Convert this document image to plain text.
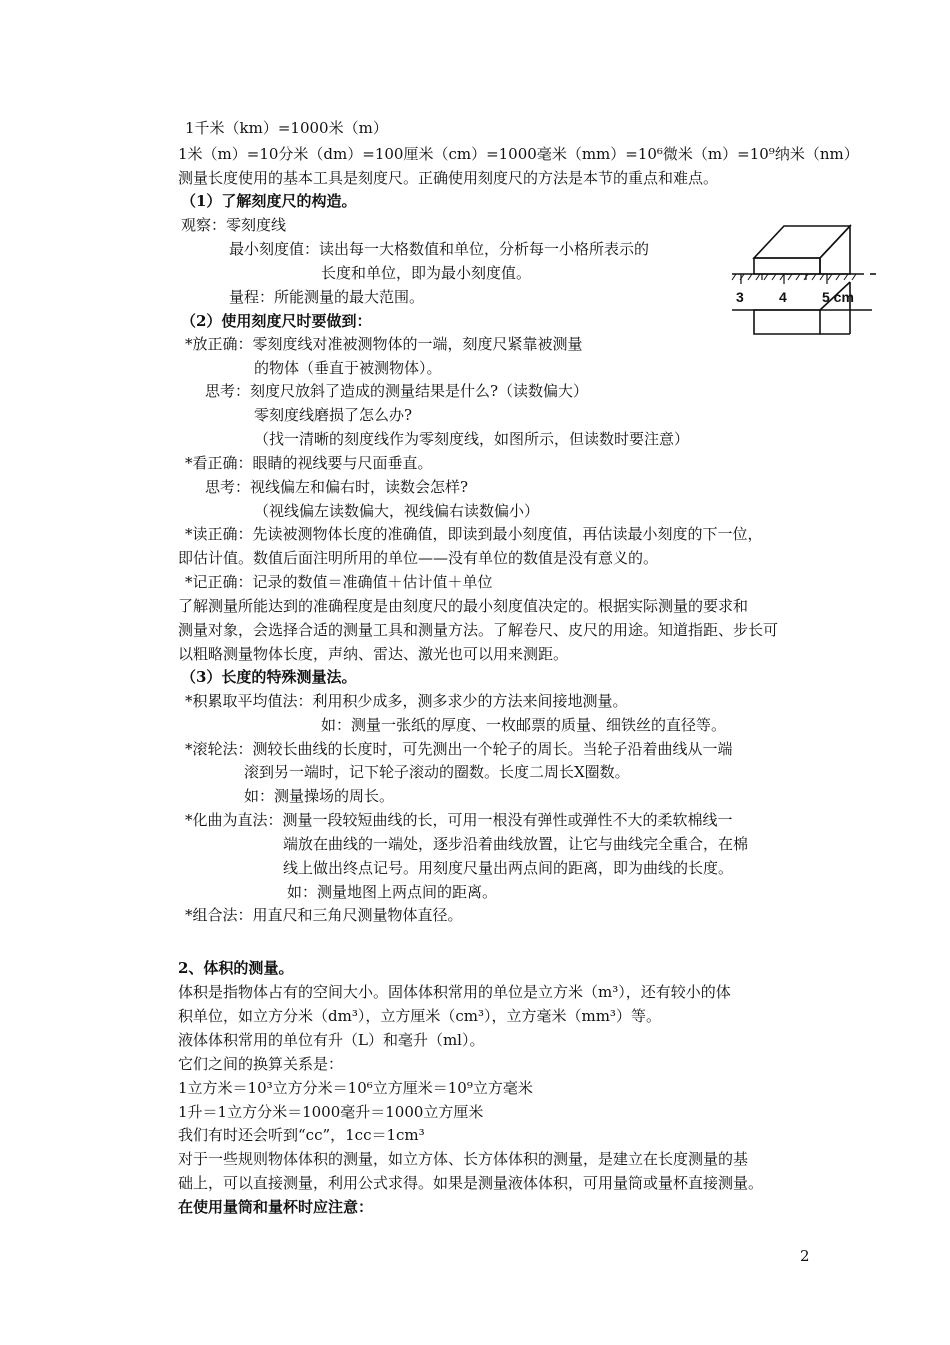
1千米（km）=1000米（m）
1米（m）=10分米（dm）=100厘米（cm）=1000毫米（mm）=10⁶微米（m）=10⁹纳米（nm）
测量长度使用的基本工具是刻度尺。正确使用刻度尺的方法是本节的重点和难点。
（1）了解刻度尺的构造。
观察：零刻度线
最小刻度值：读出每一大格数值和单位，分析每一小格所表示的
长度和单位，即为最小刻度值。
量程：所能测量的最大范围。
（2）使用刻度尺时要做到：
*放正确：零刻度线对准被测物体的一端，刻度尺紧靠被测量
的物体（垂直于被测物体）。
思考：刻度尺放斜了造成的测量结果是什么?（读数偏大）
零刻度线磨损了怎么办?
（找一清晰的刻度线作为零刻度线，如图所示，但读数时要注意）
*看正确：眼睛的视线要与尺面垂直。
思考：视线偏左和偏右时，读数会怎样?
（视线偏左读数偏大，视线偏右读数偏小）
*读正确：先读被测物体长度的准确值，即读到最小刻度值，再估读最小刻度的下一位，
即估计值。数值后面注明所用的单位——没有单位的数值是没有意义的。
*记正确：记录的数值＝准确值＋估计值＋单位
了解测量所能达到的准确程度是由刻度尺的最小刻度值决定的。根据实际测量的要求和
测量对象，会选择合适的测量工具和测量方法。了解卷尺、皮尺的用途。知道指距、步长可
以粗略测量物体长度，声纳、雷达、激光也可以用来测距。
（3）长度的特殊测量法。
*积累取平均值法：利用积少成多，测多求少的方法来间接地测量。
如：测量一张纸的厚度、一枚邮票的质量、细铁丝的直径等。
*滚轮法：测较长曲线的长度时，可先测出一个轮子的周长。当轮子沿着曲线从一端
滚到另一端时，记下轮子滚动的圈数。长度二周长X圈数。
如：测量操场的周长。
*化曲为直法：测量一段较短曲线的长，可用一根没有弹性或弹性不大的柔软棉线一
端放在曲线的一端处，逐步沿着曲线放置，让它与曲线完全重合，在棉
线上做出终点记号。用刻度尺量出两点间的距离，即为曲线的长度。
如：测量地图上两点间的距离。
*组合法：用直尺和三角尺测量物体直径。
2、体积的测量。
体积是指物体占有的空间大小。固体体积常用的单位是立方米（m³），还有较小的体
积单位，如立方分米（dm³），立方厘米（cm³），立方毫米（mm³）等。
液体体积常用的单位有升（L）和毫升（ml）。
它们之间的换算关系是：
1立方米＝10³立方分米＝10⁶立方厘米＝10⁹立方毫米
1升＝1立方分米＝1000毫升＝1000立方厘米
我们有时还会听到“cc”，1cc＝1cm³
对于一些规则物体体积的测量，如立方体、长方体体积的测量，是建立在长度测量的基
础上，可以直接测量，利用公式求得。如果是测量液体体积，可用量筒或量杯直接测量。
在使用量筒和量杯时应注意：
3	4	5 cm
2
